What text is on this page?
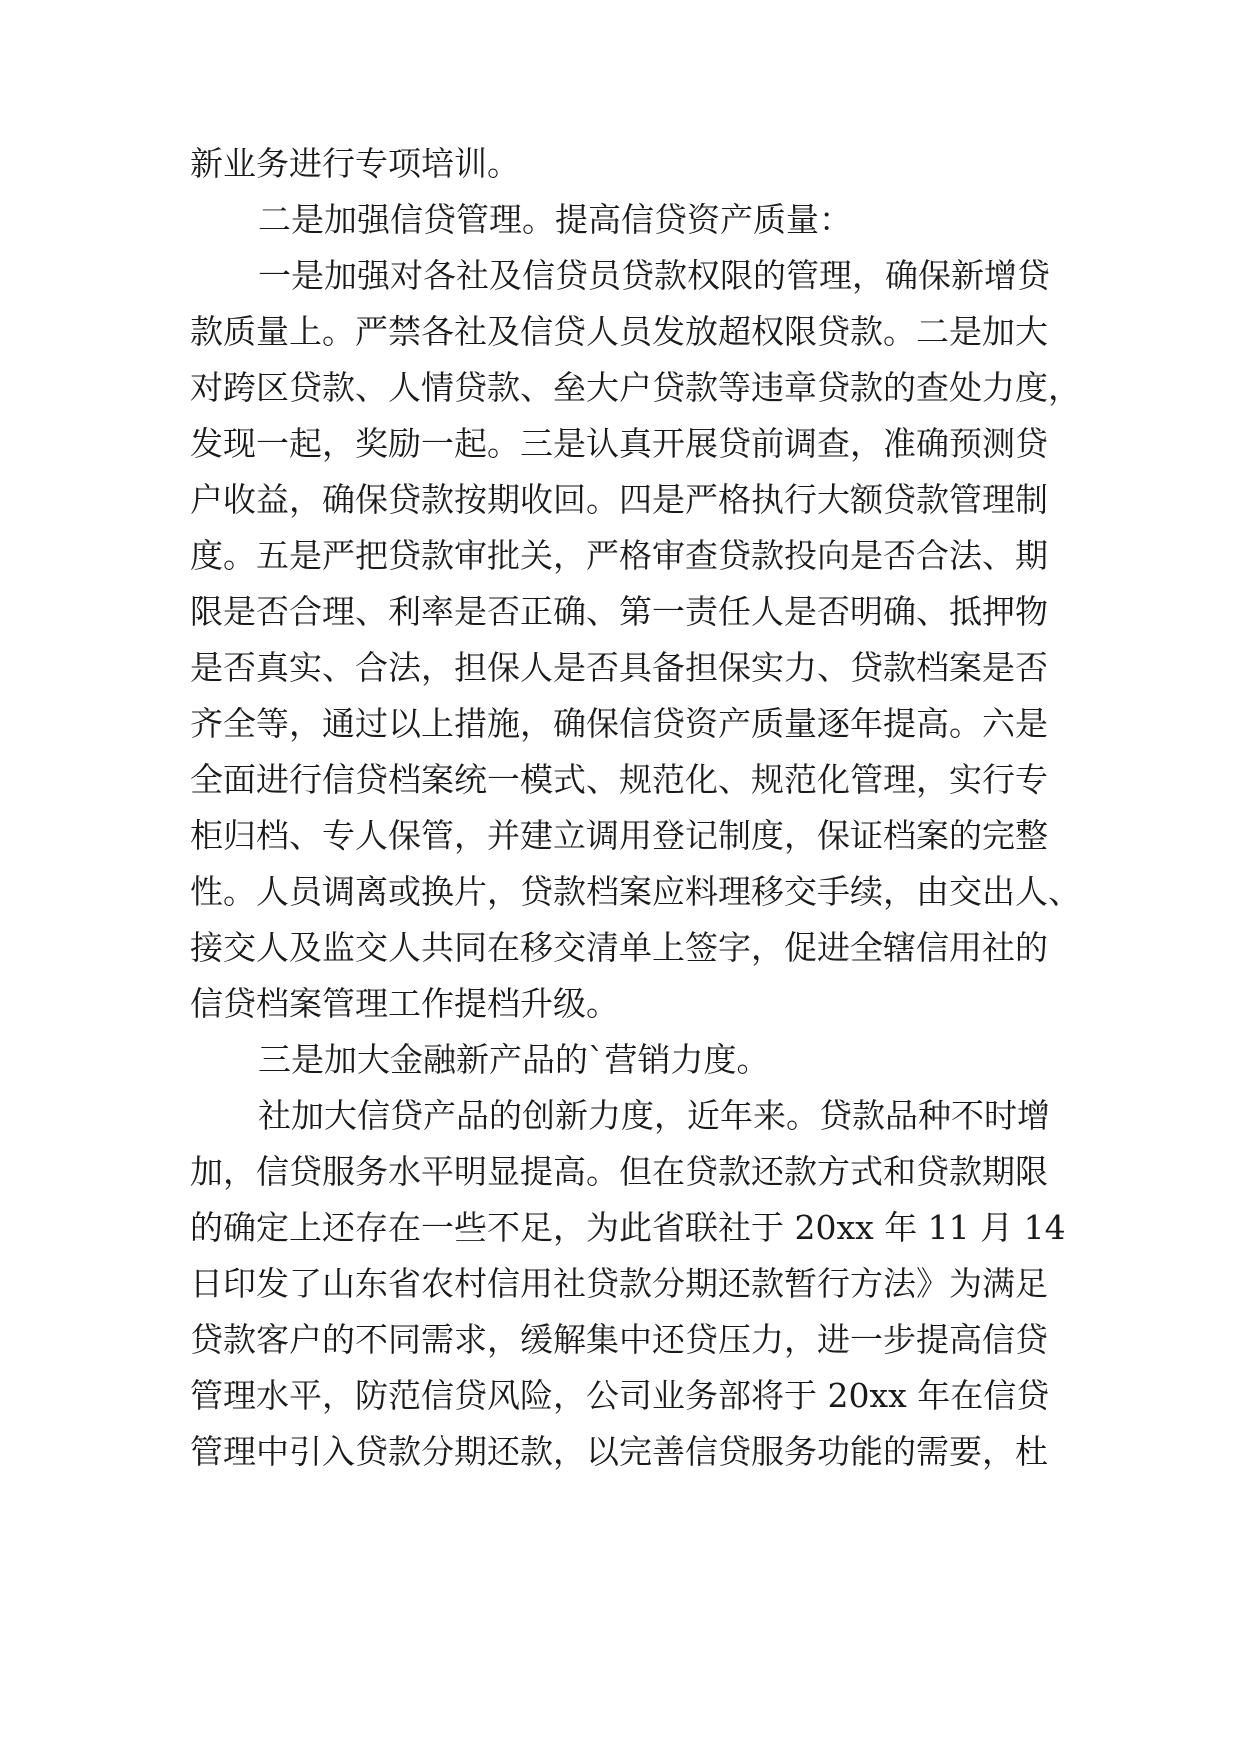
新业务进行专项培训。
二是加强信贷管理。提高信贷资产质量：
一是加强对各社及信贷员贷款权限的管理，确保新增贷
款质量上。严禁各社及信贷人员发放超权限贷款。二是加大
对跨区贷款、人情贷款、垒大户贷款等违章贷款的查处力度，
发现一起，奖励一起。三是认真开展贷前调查，准确预测贷
户收益，确保贷款按期收回。四是严格执行大额贷款管理制
度。五是严把贷款审批关，严格审查贷款投向是否合法、期
限是否合理、利率是否正确、第一责任人是否明确、抵押物
是否真实、合法，担保人是否具备担保实力、贷款档案是否
齐全等，通过以上措施，确保信贷资产质量逐年提高。六是
全面进行信贷档案统一模式、规范化、规范化管理，实行专
柜归档、专人保管，并建立调用登记制度，保证档案的完整
性。人员调离或换片，贷款档案应料理移交手续，由交出人、
接交人及监交人共同在移交清单上签字，促进全辖信用社的
信贷档案管理工作提档升级。
三是加大金融新产品的`营销力度。
社加大信贷产品的创新力度，近年来。贷款品种不时增
加，信贷服务水平明显提高。但在贷款还款方式和贷款期限
的确定上还存在一些不足，为此省联社于 20xx 年 11 月 14
日印发了山东省农村信用社贷款分期还款暂行方法》为满足
贷款客户的不同需求，缓解集中还贷压力，进一步提高信贷
管理水平，防范信贷风险，公司业务部将于 20xx 年在信贷
管理中引入贷款分期还款，以完善信贷服务功能的需要，杜
